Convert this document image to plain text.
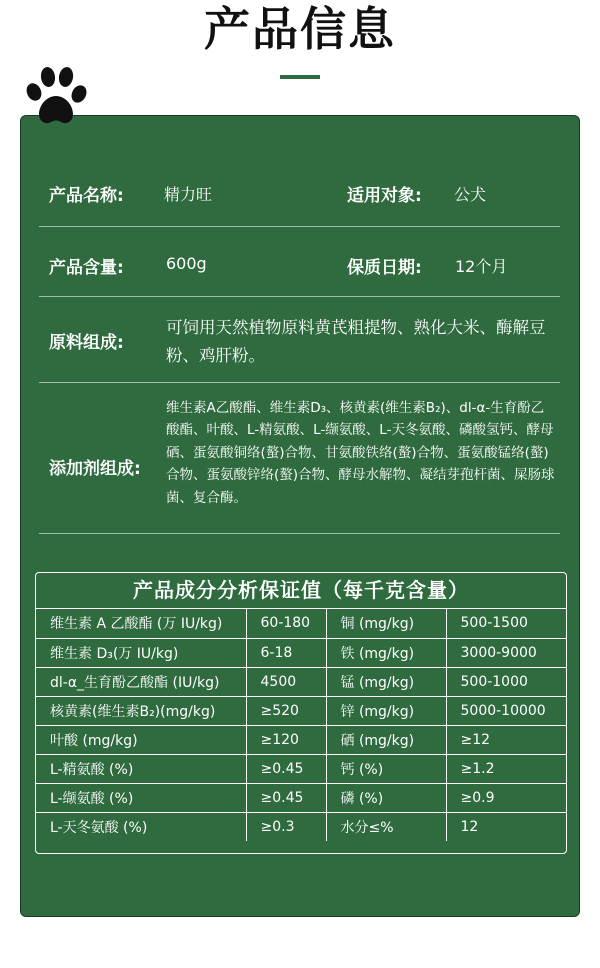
产品信息
产品名称:	精力旺	适用对象: 公犬
产品含量:	600g	保质日期: 12个月
原料组成:
可饲用天然植物原料黄芪粗提物、熟化大米、酶解豆粉、鸡肝粉。
添加剂组成:
维生素A乙酸酯、维生素D₃、核黄素(维生素B₂)、dl-α-生育酚乙酸酯、叶酸、L-精氨酸、L-缬氨酸、L-天冬氨酸、磷酸氢钙、酵母硒、蛋氨酸铜络(螯)合物、甘氨酸铁络(螯)合物、蛋氨酸锰络(螯)合物、蛋氨酸锌络(螯)合物、酵母水解物、凝结芽孢杆菌、屎肠球菌、复合酶。
产品成分分析保证值（每千克含量）
维生素 A 乙酸酯 (万 IU/kg)	60-180	铜 (mg/kg)	500-1500
维生素 D₃(万 IU/kg)	6-18	铁 (mg/kg)	3000-9000
dl-α_生育酚乙酸酯 (IU/kg)	4500	锰 (mg/kg)	500-1000
核黄素(维生素B₂)(mg/kg)	≥520	锌 (mg/kg)	5000-10000
叶酸 (mg/kg)	≥120	硒 (mg/kg)	≥12
L-精氨酸 (%)	≥0.45	钙 (%)	≥1.2
L-缬氨酸 (%)	≥0.45	磷 (%)	≥0.9
L-天冬氨酸 (%)	≥0.3	水分≤%	12
